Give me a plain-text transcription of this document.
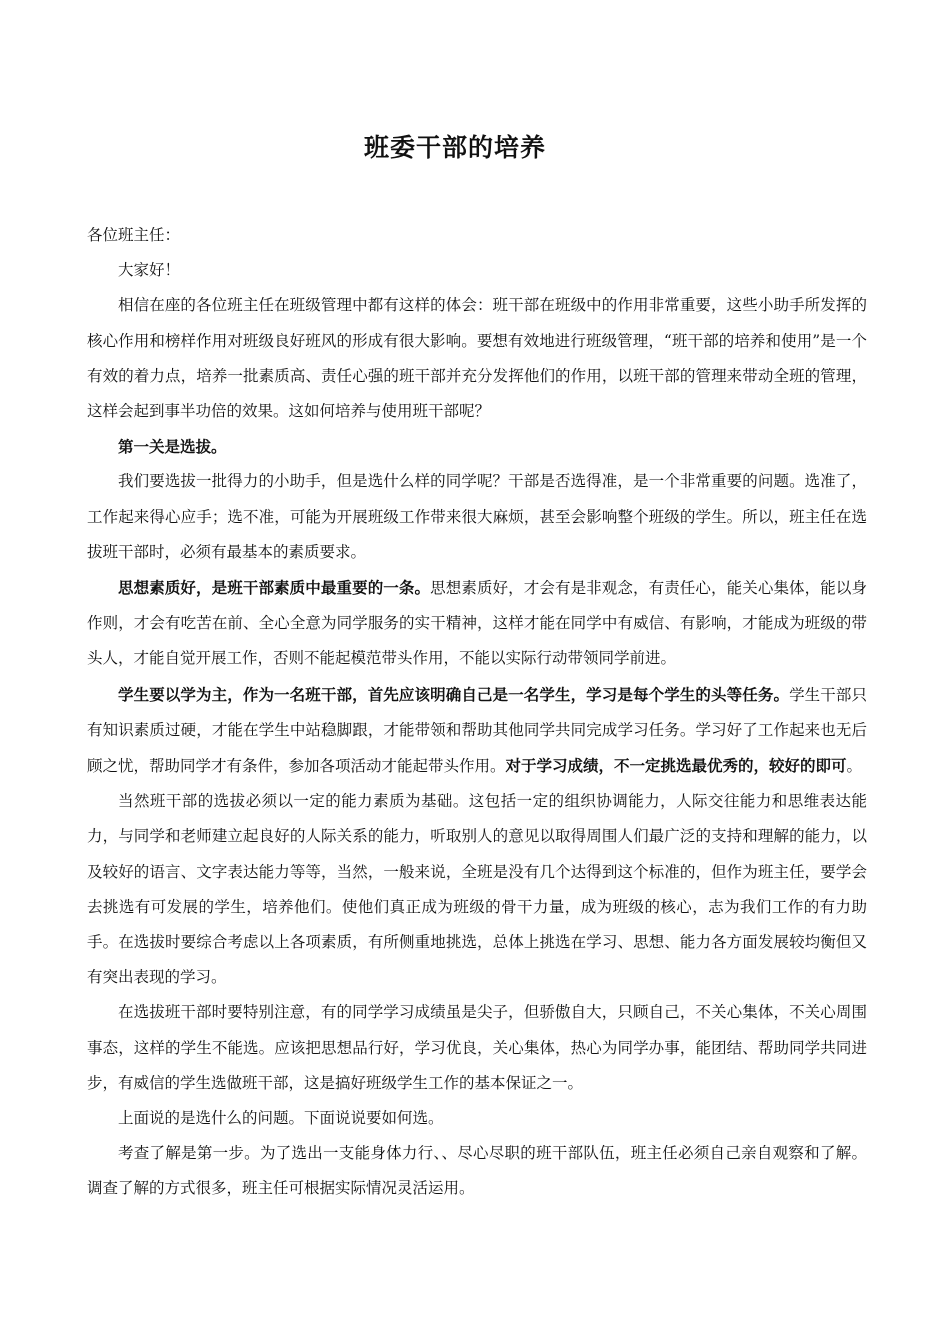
班委干部的培养

各位班主任：

大家好！

相信在座的各位班主任在班级管理中都有这样的体会：班干部在班级中的作用非常重要，这些小助手所发挥的核心作用和榜样作用对班级良好班风的形成有很大影响。要想有效地进行班级管理，“班干部的培养和使用”是一个有效的着力点，培养一批素质高、责任心强的班干部并充分发挥他们的作用，以班干部的管理来带动全班的管理，这样会起到事半功倍的效果。这如何培养与使用班干部呢？

第一关是选拔。

我们要选拔一批得力的小助手，但是选什么样的同学呢？干部是否选得准，是一个非常重要的问题。选准了，工作起来得心应手；选不准，可能为开展班级工作带来很大麻烦，甚至会影响整个班级的学生。所以，班主任在选拔班干部时，必须有最基本的素质要求。

思想素质好，是班干部素质中最重要的一条。思想素质好，才会有是非观念，有责任心，能关心集体，能以身作则，才会有吃苦在前、全心全意为同学服务的实干精神，这样才能在同学中有威信、有影响，才能成为班级的带头人，才能自觉开展工作，否则不能起模范带头作用，不能以实际行动带领同学前进。

学生要以学为主，作为一名班干部，首先应该明确自己是一名学生，学习是每个学生的头等任务。学生干部只有知识素质过硬，才能在学生中站稳脚跟，才能带领和帮助其他同学共同完成学习任务。学习好了工作起来也无后顾之忧，帮助同学才有条件，参加各项活动才能起带头作用。对于学习成绩，不一定挑选最优秀的，较好的即可。

当然班干部的选拔必须以一定的能力素质为基础。这包括一定的组织协调能力，人际交往能力和思维表达能力，与同学和老师建立起良好的人际关系的能力，听取别人的意见以取得周围人们最广泛的支持和理解的能力，以及较好的语言、文字表达能力等等，当然，一般来说，全班是没有几个达得到这个标准的，但作为班主任，要学会去挑选有可发展的学生，培养他们。使他们真正成为班级的骨干力量，成为班级的核心，志为我们工作的有力助手。在选拔时要综合考虑以上各项素质，有所侧重地挑选，总体上挑选在学习、思想、能力各方面发展较均衡但又有突出表现的学习。

在选拔班干部时要特别注意，有的同学学习成绩虽是尖子，但骄傲自大，只顾自己，不关心集体，不关心周围事态，这样的学生不能选。应该把思想品行好，学习优良，关心集体，热心为同学办事，能团结、帮助同学共同进步，有威信的学生选做班干部，这是搞好班级学生工作的基本保证之一。

上面说的是选什么的问题。下面说说要如何选。

考查了解是第一步。为了选出一支能身体力行、、尽心尽职的班干部队伍，班主任必须自己亲自观察和了解。调查了解的方式很多，班主任可根据实际情况灵活运用。
